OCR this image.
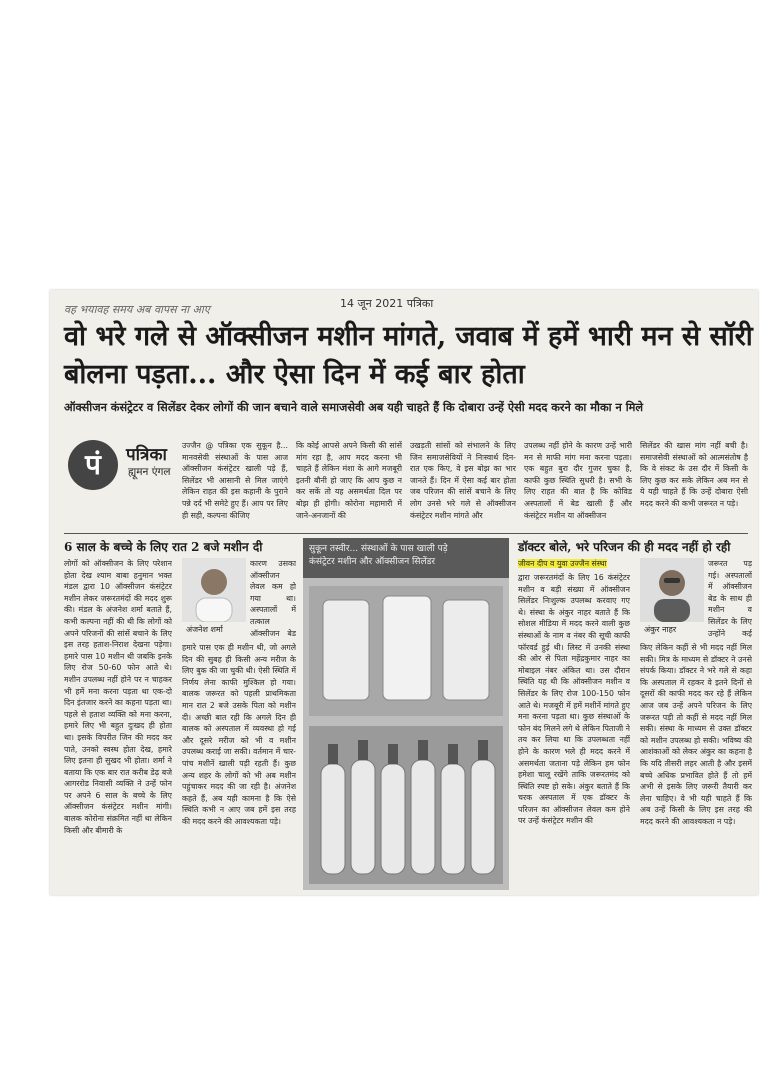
वह भयावह समय अब वापस ना आए	14 जून 2021 पत्रिका
वो भरे गले से ऑक्सीजन मशीन मांगते, जवाब में हमें भारी मन से सॉरी बोलना पड़ता... और ऐसा दिन में कई बार होता
ऑक्सीजन कंसंट्रेटर व सिलेंडर देकर लोगों की जान बचाने वाले समाजसेवी अब यही चाहते हैं कि दोबारा उन्हें ऐसी मदद करने का मौका न मिले
पं	पत्रिका
ह्यूमन एंगल
उज्जैन @ पत्रिका एक सुकून है... मानवसेवी संस्थाओं के पास आज ऑक्सीजन कंसंट्रेटर खाली पड़े हैं, सिलेंडर भी आसानी से मिल जाएंगे लेकिन राहत की इस कहानी के पुराने पन्ने दर्द भी समेटे हुए हैं। आप पर लिए ही सही, कल्पना कीजिए
कि कोई आपसे अपने किसी की सांसें मांग रहा है, आप मदद करना भी चाहते हैं लेकिन मंशा के आगे मजबूरी इतनी बौनी हो जाए कि आप कुछ न कर सकें तो यह असमर्थता दिल पर बोझ ही होगी। कोरोना महामारी में जाने-अनजानों की
उखड़ती सांसों को संभालने के लिए जिन समाजसेवियों ने निःस्वार्थ दिन-रात एक किए, वे इस बोझ का भार जानते हैं। दिन में ऐसा कई बार होता जब परिजन की सांसें बचाने के लिए लोग उनसे भरे गले से ऑक्सीजन कंसंट्रेटर मशीन मांगते और
उपलब्ध नहीं होने के कारण उन्हें भारी मन से माफी मांग मना करना पड़ता। एक बहुत बुरा दौर गुजर चुका है, काफी कुछ स्थिति सुधरी है। सभी के लिए राहत की बात है कि कोविड अस्पतालों में बेड खाली हैं और कंसंट्रेटर मशीन या ऑक्सीजन
सिलेंडर की खास मांग नहीं बची है। समाजसेवी संस्थाओं को आत्मसंतोष है कि वे संकट के उस दौर में किसी के लिए कुछ कर सके लेकिन अब मन से ये यही चाहते हैं कि उन्हें दोबारा ऐसी मदद करने की कभी जरूरत न पड़े।
6 साल के बच्चे के लिए रात 2 बजे मशीन दी
लोगों को ऑक्सीजन के लिए परेशान होता देख श्याम बाबा हनुमान भक्त मंडल द्वारा 10 ऑक्सीजन कंसंट्रेटर मशीन लेकर जरूरतमंदों की मदद शुरू की। मंडल के अंजनेश शर्मा बताते हैं, कभी कल्पना नहीं की थी कि लोगों को अपने परिजनों की सांसें बचाने के लिए इस तरह हताश-निराश देखना पड़ेगा। हमारे पास 10 मशीन थी जबकि इनके लिए रोज 50-60 फोन आते थे। मशीन उपलब्ध नहीं होने पर न चाहकर भी हमें मना करना पड़ता था एक-दो दिन इंतजार करने का कहना पड़ता था। पहले से हताश व्यक्ति को मना करना, हमारे लिए भी बहुत दुःखद ही होता था। इसके विपरीत जिन की मदद कर पाते, उनको स्वस्थ होता देख, हमारे लिए इतना ही सुखद भी होता। शर्मा ने बताया कि एक बार रात करीब डेढ़ बजे आगररोड निवासी व्यक्ति ने उन्हें फोन पर अपने 6 साल के बच्चे के लिए ऑक्सीजन कंसंट्रेटर मशीन मांगी। बालक कोरोना संक्रमित नहीं था लेकिन किसी और बीमारी के
अंजनेश शर्मा
कारण उसका ऑक्सीजन लेवल कम हो गया था। अस्पतालों में तत्काल ऑक्सीजन बेड
हमारे पास एक ही मशीन थी, जो अगले दिन की सुबह ही किसी अन्य मरीज के लिए बुक की जा चुकी थी। ऐसी स्थिति में निर्णय लेना काफी मुश्किल हो गया। बालक जरूरत को पहली प्राथमिकता मान रात 2 बजे उसके पिता को मशीन दी। अच्छी बात रही कि अगले दिन ही बालक को अस्पताल में व्यवस्था हो गई और दूसरे मरीज को भी व मशीन उपलब्ध कराई जा सकी। वर्तमान में चार-पांच मशीनें खाली पड़ी रहती हैं। कुछ अन्य शहर के लोगों को भी अब मशीन पहुंचाकर मदद की जा रही है। अंजनेश कहते हैं, अब यही कामना है कि ऐसे स्थिति कभी न आए जब हमें इस तरह की मदद करने की आवश्यकता पड़े।
सुकून तस्वीर... संस्थाओं के पास खाली पड़े
कंसंट्रेटर मशीन और ऑक्सीजन सिलेंडर
डॉक्टर बोले, भरे परिजन की ही मदद नहीं हो रही
जीवन दीप व युवा उज्जैन संस्था
द्वारा जरूरतमंदों के लिए 16 कंसंट्रेटर मशीन व बड़ी संख्या में ऑक्सीजन सिलेंडर निःशुल्क उपलब्ध करवाए गए थे। संस्था के अंकुर नाहर बताते हैं कि सोशल मीडिया में मदद करने वाली कुछ संस्थाओं के नाम व नंबर की सूची काफी फॉरवर्ड हुई थी। लिस्ट में उनकी संस्था की ओर से पिता महेंद्रकुमार नाहर का मोबाइल नंबर अंकित था। उस दौरान स्थिति यह थी कि ऑक्सीजन मशीन व सिलेंडर के लिए रोज 100-150 फोन आते थे। मजबूरी में हमें मशीनें मांगते हुए मना करना पड़ता था। कुछ संस्थाओं के फोन बंद मिलने लगे थे लेकिन पिताजी ने तय कर लिया था कि उपलब्धता नहीं होने के कारण भले ही मदद करने में असमर्थता जताना पड़े लेकिन हम फोन हमेशा चालू रखेंगे ताकि जरूरतमंद को स्थिति स्पष्ट हो सके। अंकुर बताते हैं कि चरक अस्पताल में एक डॉक्टर के परिजन का ऑक्सीजन लेवल कम होने पर उन्हें कंसंट्रेटर मशीन की
अंकुर नाहर
जरूरत पड़ गई। अस्पतालों में ऑक्सीजन बेड के साथ ही मशीन व सिलेंडर के लिए उन्होंने कई
किए लेकिन कहीं से भी मदद नहीं मिल सकी। मित्र के माध्यम से डॉक्टर ने उनसे संपर्क किया। डॉक्टर ने भरे गले से कहा कि अस्पताल में रहकर वे इतने दिनों से दूसरों की काफी मदद कर रहे हैं लेकिन आज जब उन्हें अपने परिजन के लिए जरूरत पड़ी तो कहीं से मदद नहीं मिल सकी। संस्था के माध्यम से उक्त डॉक्टर को मशीन उपलब्ध हो सकी। भविष्य की आशंकाओं को लेकर अंकुर का कहना है कि यदि तीसरी लहर आती है और इसमें बच्चे अधिक प्रभावित होते हैं तो हमें अभी से इसके लिए जरूरी तैयारी कर लेना चाहिए। वे भी यही चाहते हैं कि अब उन्हें किसी के लिए इस तरह की मदद करने की आवश्यकता न पड़े।
